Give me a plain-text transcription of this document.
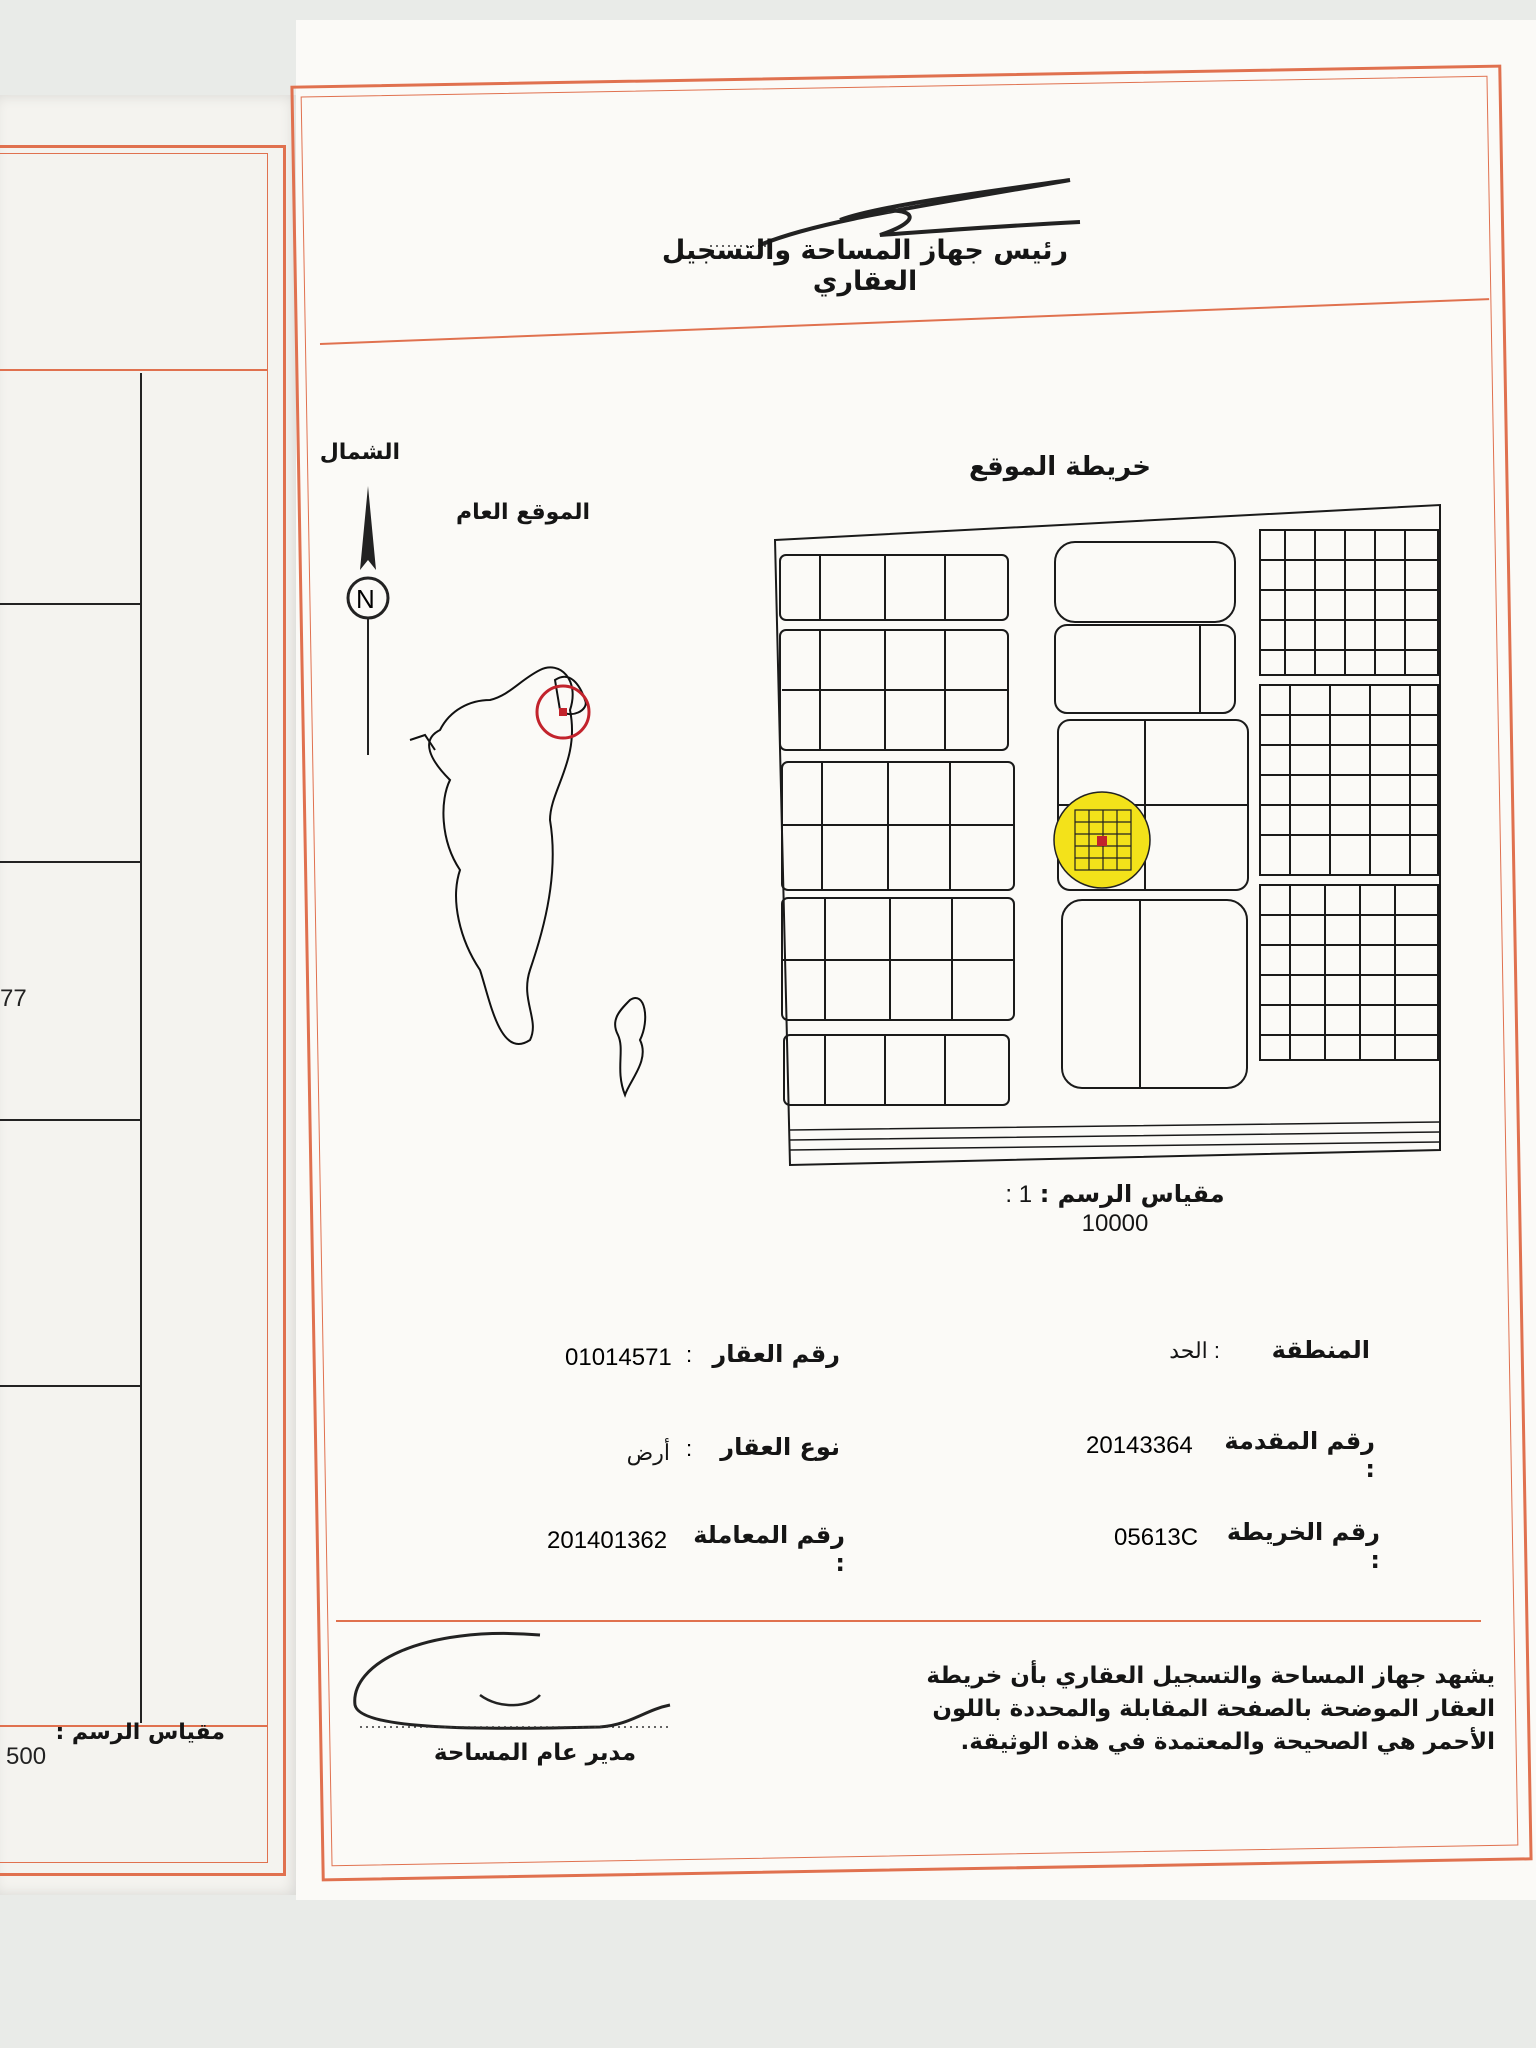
77
مقياس الرسم :
500
رئيس جهاز المساحة والتسجيل العقاري
الشمال
N
الموقع العام
خريطة الموقع
مقياس الرسم : 1 : 10000
المنطقة
: الحد
رقم العقار
:
01014571
رقم المقدمة :
20143364
نوع العقار
:
أرض
رقم الخريطة :
05613C
رقم المعاملة :
201401362
يشهد جهاز المساحة والتسجيل العقاري بأن خريطة
العقار الموضحة بالصفحة المقابلة والمحددة باللون
الأحمر هي الصحيحة والمعتمدة في هذه الوثيقة.
مدير عام المساحة
